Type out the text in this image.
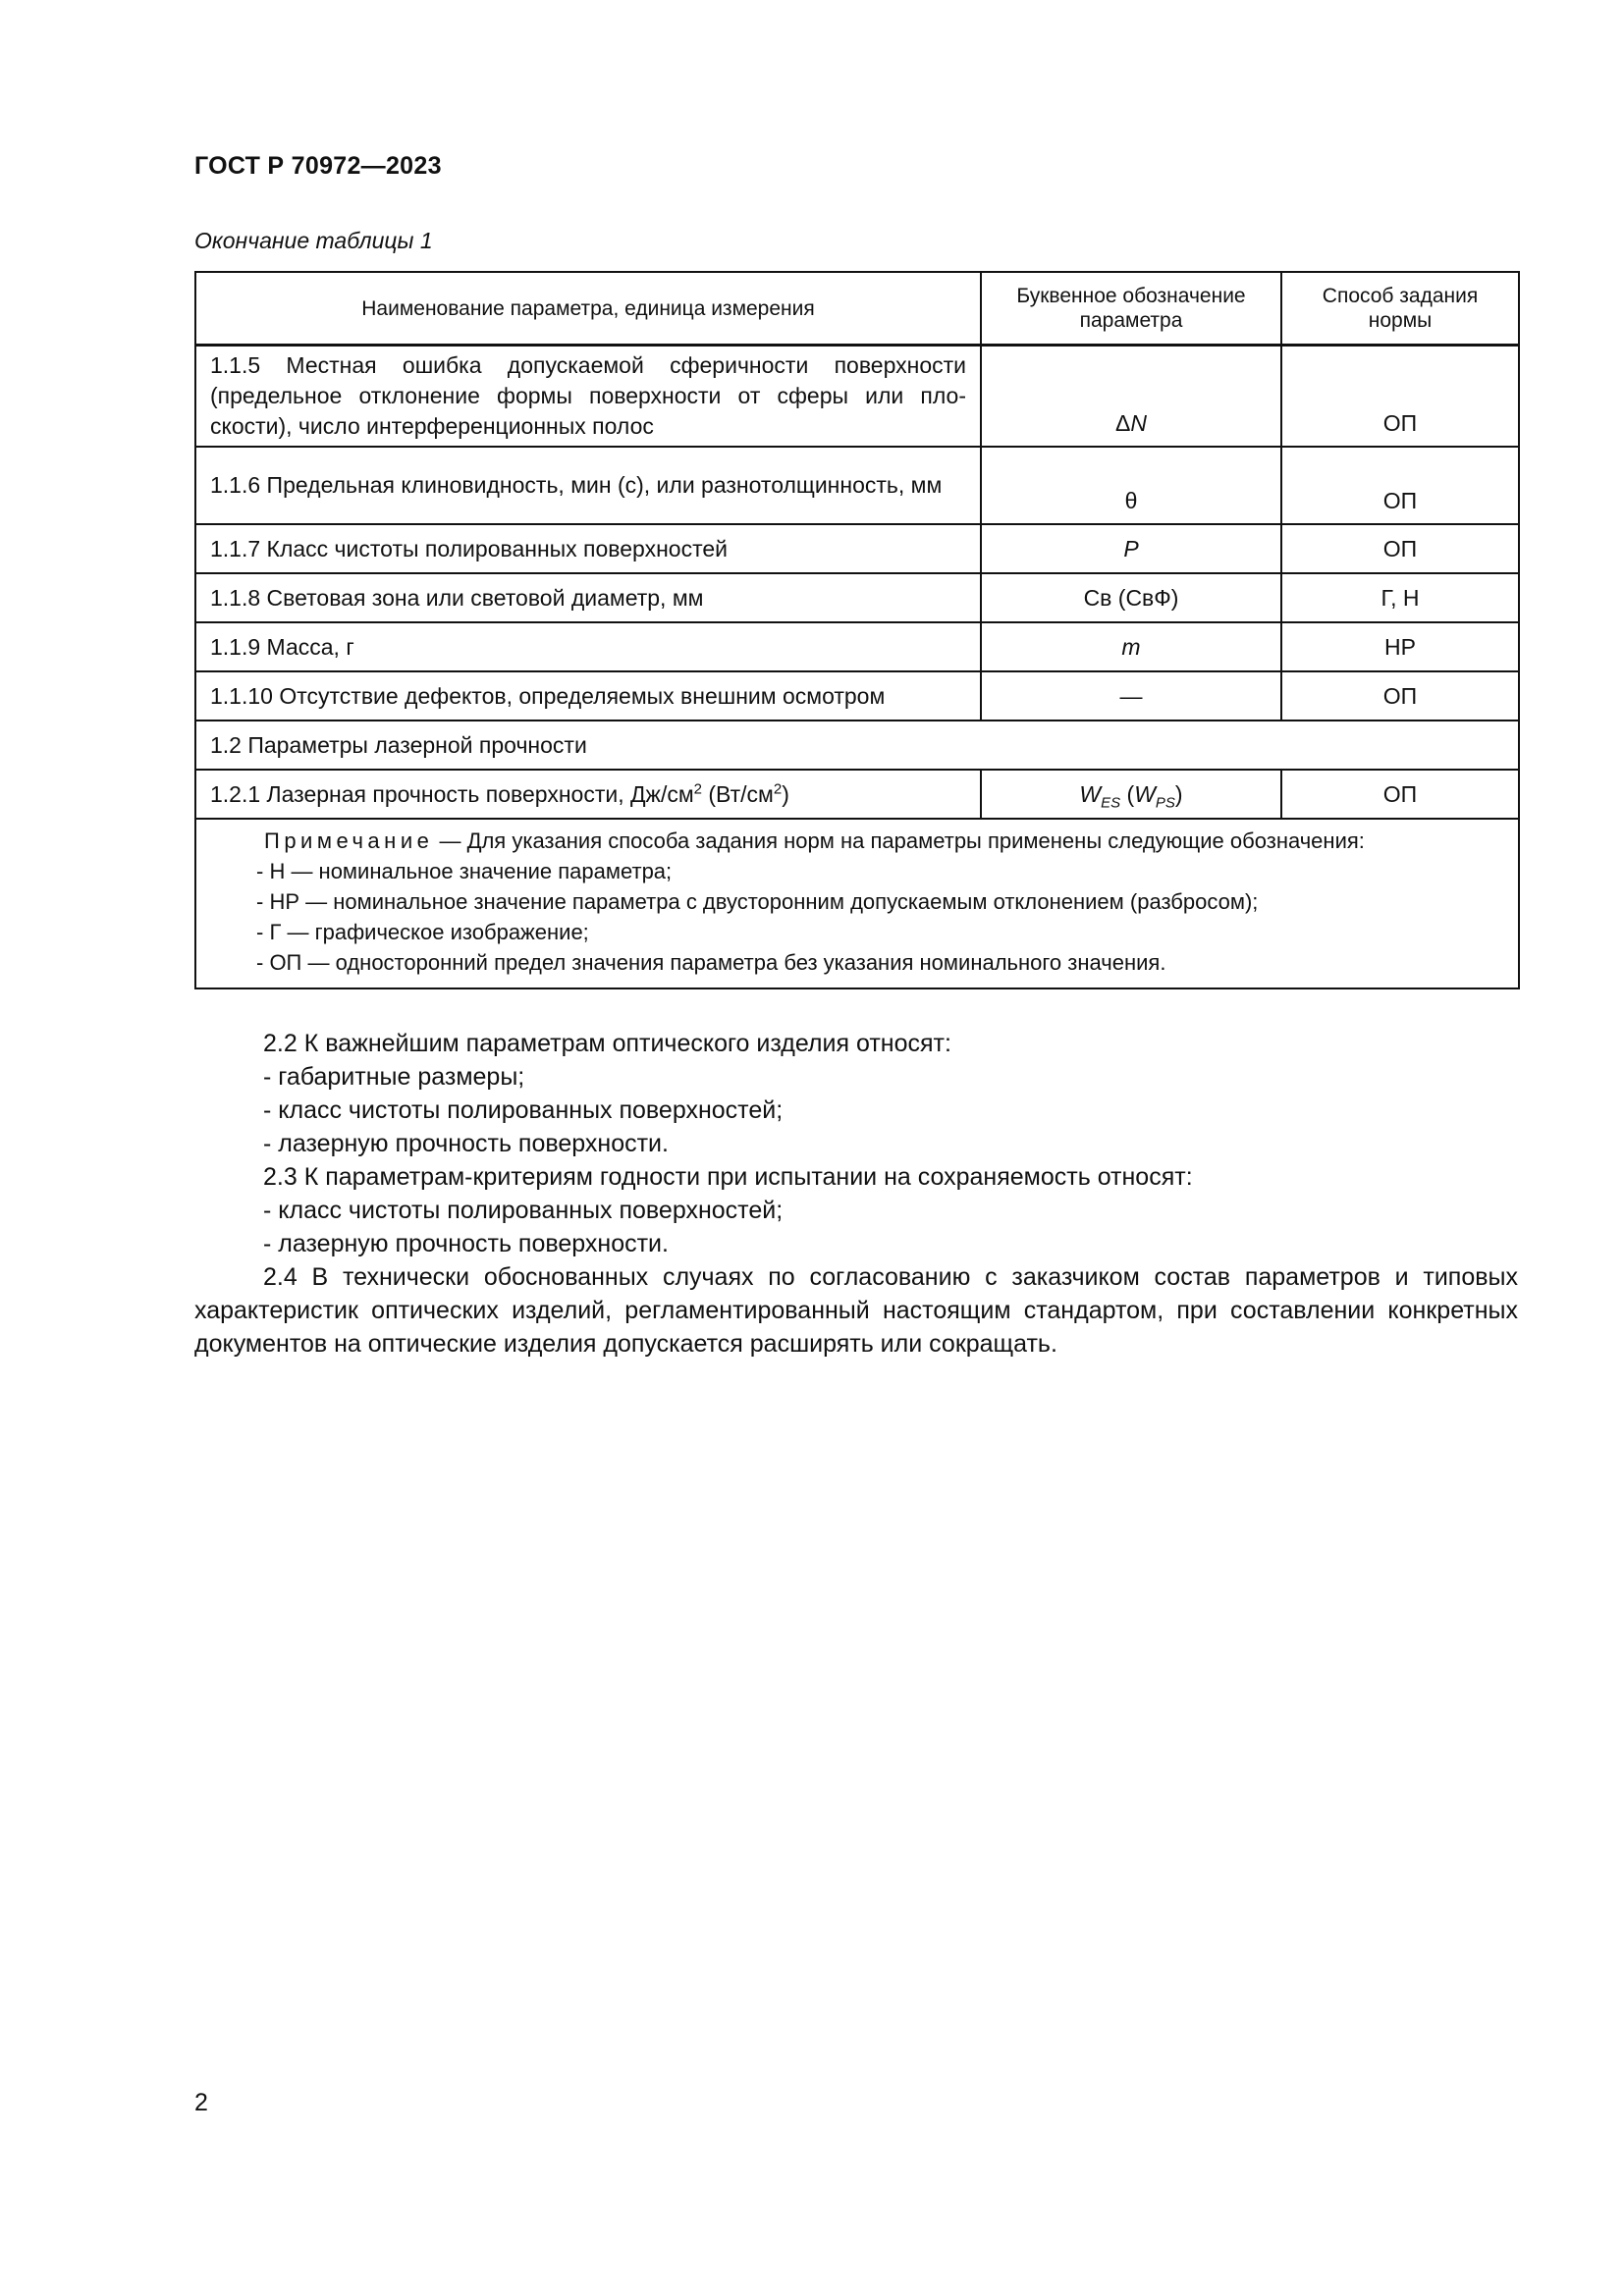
ГОСТ Р 70972—2023
Окончание таблицы 1
Наименование параметра, единица измерения	Буквенное обозначение параметра	Способ задания нормы
1.1.5 Местная ошибка допускаемой сферичности поверхности (предельное отклонение формы поверхности от сферы или плоскости), число интерференционных полос	ΔN	ОП
1.1.6 Предельная клиновидность, мин (с), или разнотолщинность, мм	θ	ОП
1.1.7 Класс чистоты полированных поверхностей	P	ОП
1.1.8 Световая зона или световой диаметр, мм	Св (СвФ)	Г, Н
1.1.9 Масса, г	m	НР
1.1.10 Отсутствие дефектов, определяемых внешним осмотром	—	ОП
1.2 Параметры лазерной прочности		
1.2.1 Лазерная прочность поверхности, $Дж/см^2$ $(Вт/см^2)$	$W_{ES}$ $(W_{PS})$	ОП

Примечание — Для указания способа задания норм на параметры применены следующие обозначения:
- Н — номинальное значение параметра;
- НР — номинальное значение параметра с двусторонним допускаемым отклонением (разбросом);
- Г — графическое изображение;
- ОП — односторонний предел значения параметра без указания номинального значения.		

2.2 К важнейшим параметрам оптического изделия относят:

- габаритные размеры;

- класс чистоты полированных поверхностей;

- лазерную прочность поверхности.

2.3 К параметрам-критериям годности при испытании на сохраняемость относят:

- класс чистоты полированных поверхностей;

- лазерную прочность поверхности.

2.4 В технически обоснованных случаях по согласованию с заказчиком состав параметров и типовых характеристик оптических изделий, регламентированный настоящим стандартом, при составлении конкретных документов на оптические изделия допускается расширять или сокращать.

2
